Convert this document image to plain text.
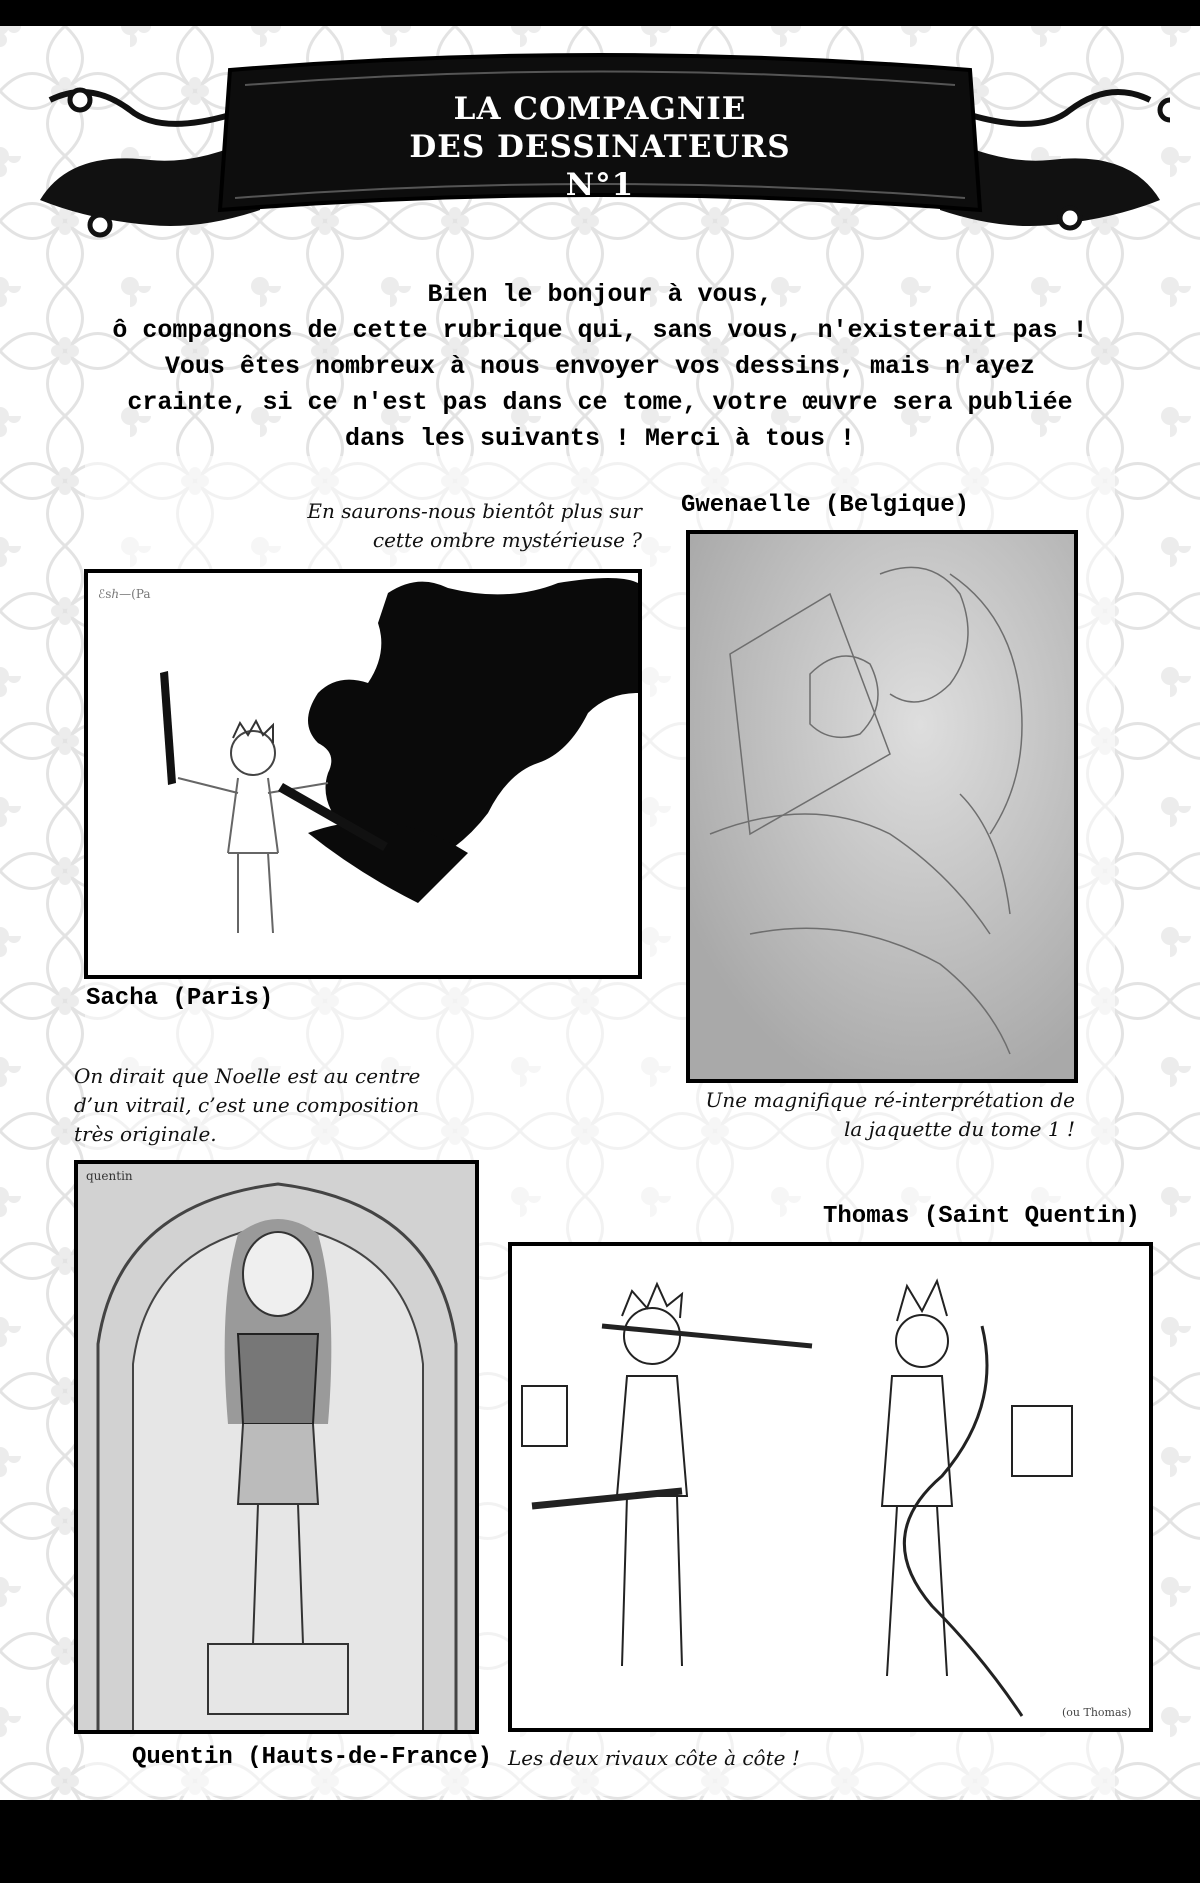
LA COMPAGNIE
DES DESSINATEURS N°1
Bien le bonjour à vous,
ô compagnons de cette rubrique qui, sans vous, n'existerait pas !
Vous êtes nombreux à nous envoyer vos dessins, mais n'ayez
crainte, si ce n'est pas dans ce tome, votre œuvre sera publiée
dans les suivants ! Merci à tous !
En saurons-nous bientôt plus sur
cette ombre mystérieuse ?
ℰsℎ—(Pa
Sacha (Paris)
Gwenaelle (Belgique)
Une magnifique ré-interprétation de
la jaquette du tome 1 !
On dirait que Noelle est au centre
d’un vitrail, c’est une composition
très originale.
quentin
Quentin (Hauts-de-France)
Thomas (Saint Quentin)
(ou Thomas)
Les deux rivaux côte à côte !
